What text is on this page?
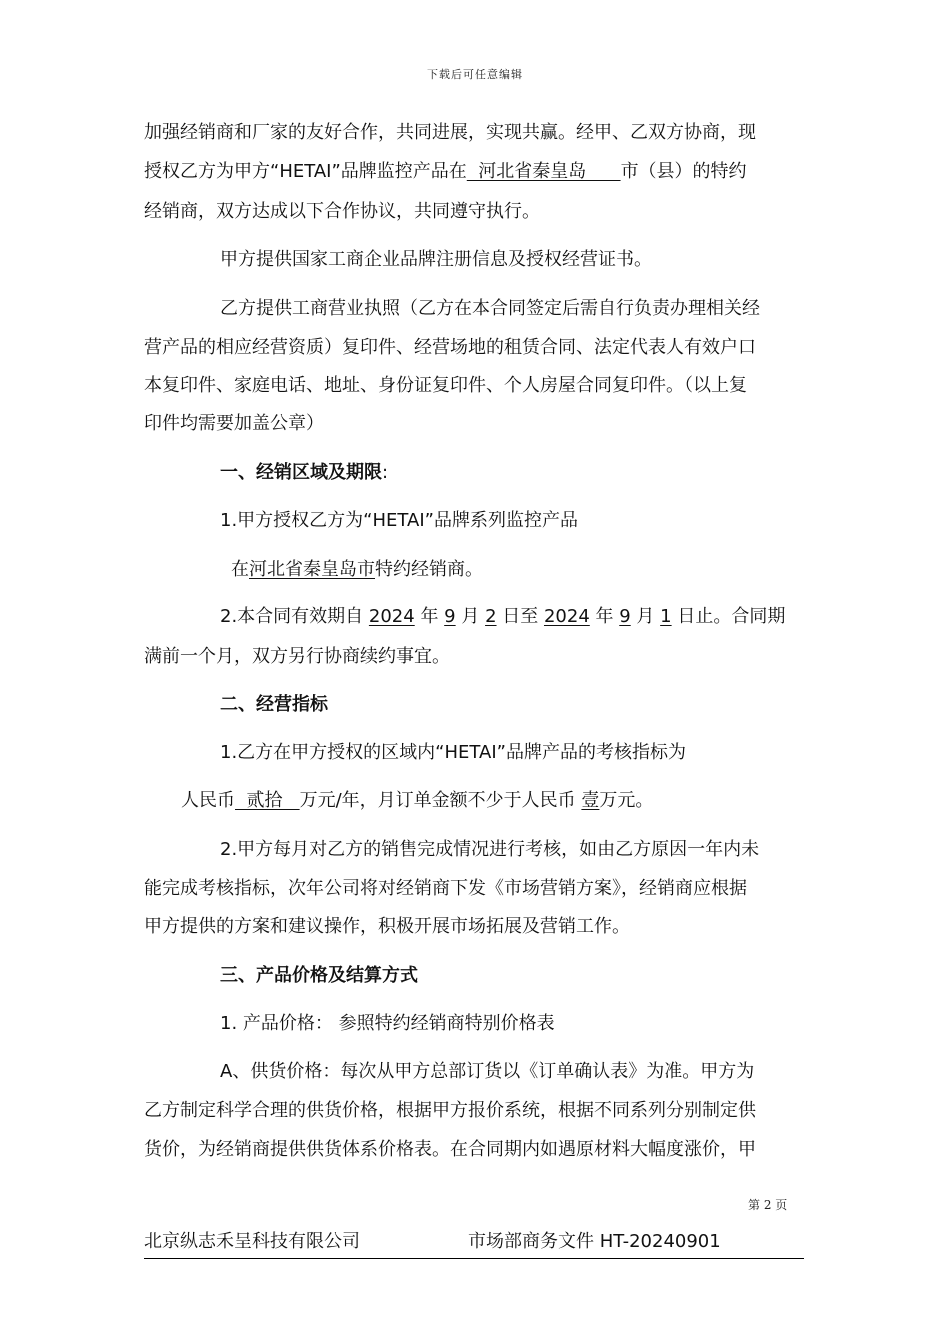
下载后可任意编辑
加强经销商和厂家的友好合作，共同进展，实现共赢。经甲、乙双方协商，现
授权乙方为甲方“HETAI”品牌监控产品在  河北省秦皇岛      市（县）的特约
经销商，双方达成以下合作协议，共同遵守执行。
甲方提供国家工商企业品牌注册信息及授权经营证书。
乙方提供工商营业执照（乙方在本合同签定后需自行负责办理相关经
营产品的相应经营资质）复印件、经营场地的租赁合同、法定代表人有效户口
本复印件、家庭电话、地址、身份证复印件、个人房屋合同复印件。（以上复
印件均需要加盖公章）
一、经销区域及期限:
1.甲方授权乙方为“HETAI”品牌系列监控产品
在河北省秦皇岛市特约经销商。
2.本合同有效期自 2024 年 9 月 2 日至 2024 年 9 月 1 日止。合同期
满前一个月，双方另行协商续约事宜。
二、经营指标
1.乙方在甲方授权的区域内“HETAI”品牌产品的考核指标为
人民币  贰拾   万元/年，月订单金额不少于人民币 壹万元。
2.甲方每月对乙方的销售完成情况进行考核，如由乙方原因一年内未
能完成考核指标，次年公司将对经销商下发《市场营销方案》，经销商应根据
甲方提供的方案和建议操作，积极开展市场拓展及营销工作。
三、产品价格及结算方式
1. 产品价格： 参照特约经销商特别价格表
A、供货价格：每次从甲方总部订货以《订单确认表》为准。甲方为
乙方制定科学合理的供货价格，根据甲方报价系统，根据不同系列分别制定供
货价，为经销商提供供货体系价格表。在合同期内如遇原材料大幅度涨价，甲
第 2 页
北京纵志禾呈科技有限公司	市场部商务文件 HT-20240901
